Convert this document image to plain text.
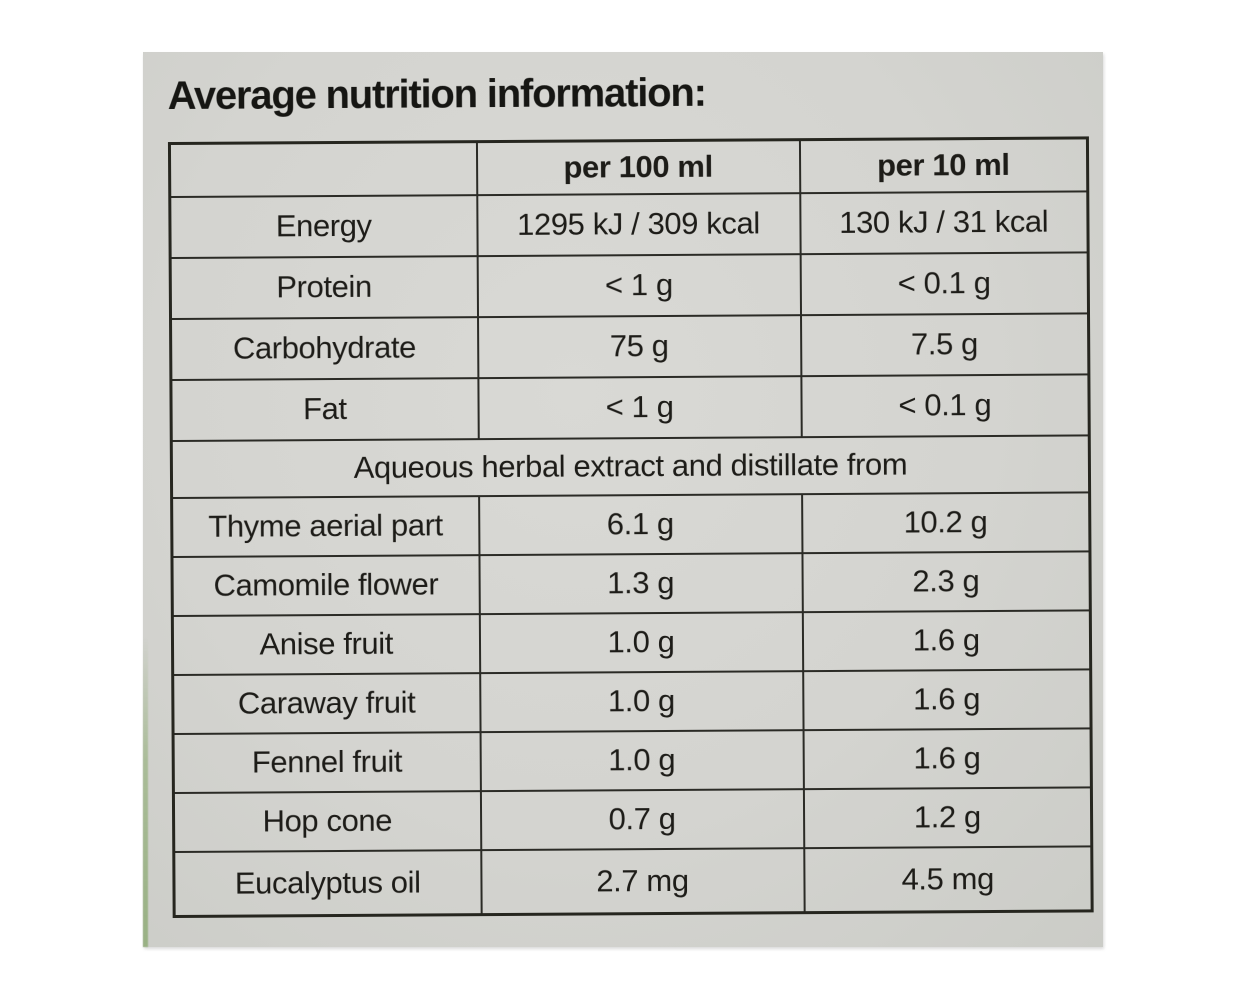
Average nutrition information:
	per 100 ml	per 10 ml
Energy	1295 kJ / 309 kcal	130 kJ / 31 kcal
Protein	< 1 g	< 0.1 g
Carbohydrate	75 g	7.5 g
Fat	< 1 g	< 0.1 g
Aqueous herbal extract and distillate from		
Thyme aerial part	6.1 g	10.2 g
Camomile flower	1.3 g	2.3 g
Anise fruit	1.0 g	1.6 g
Caraway fruit	1.0 g	1.6 g
Fennel fruit	1.0 g	1.6 g
Hop cone	0.7 g	1.2 g
Eucalyptus oil	2.7 mg	4.5 mg
